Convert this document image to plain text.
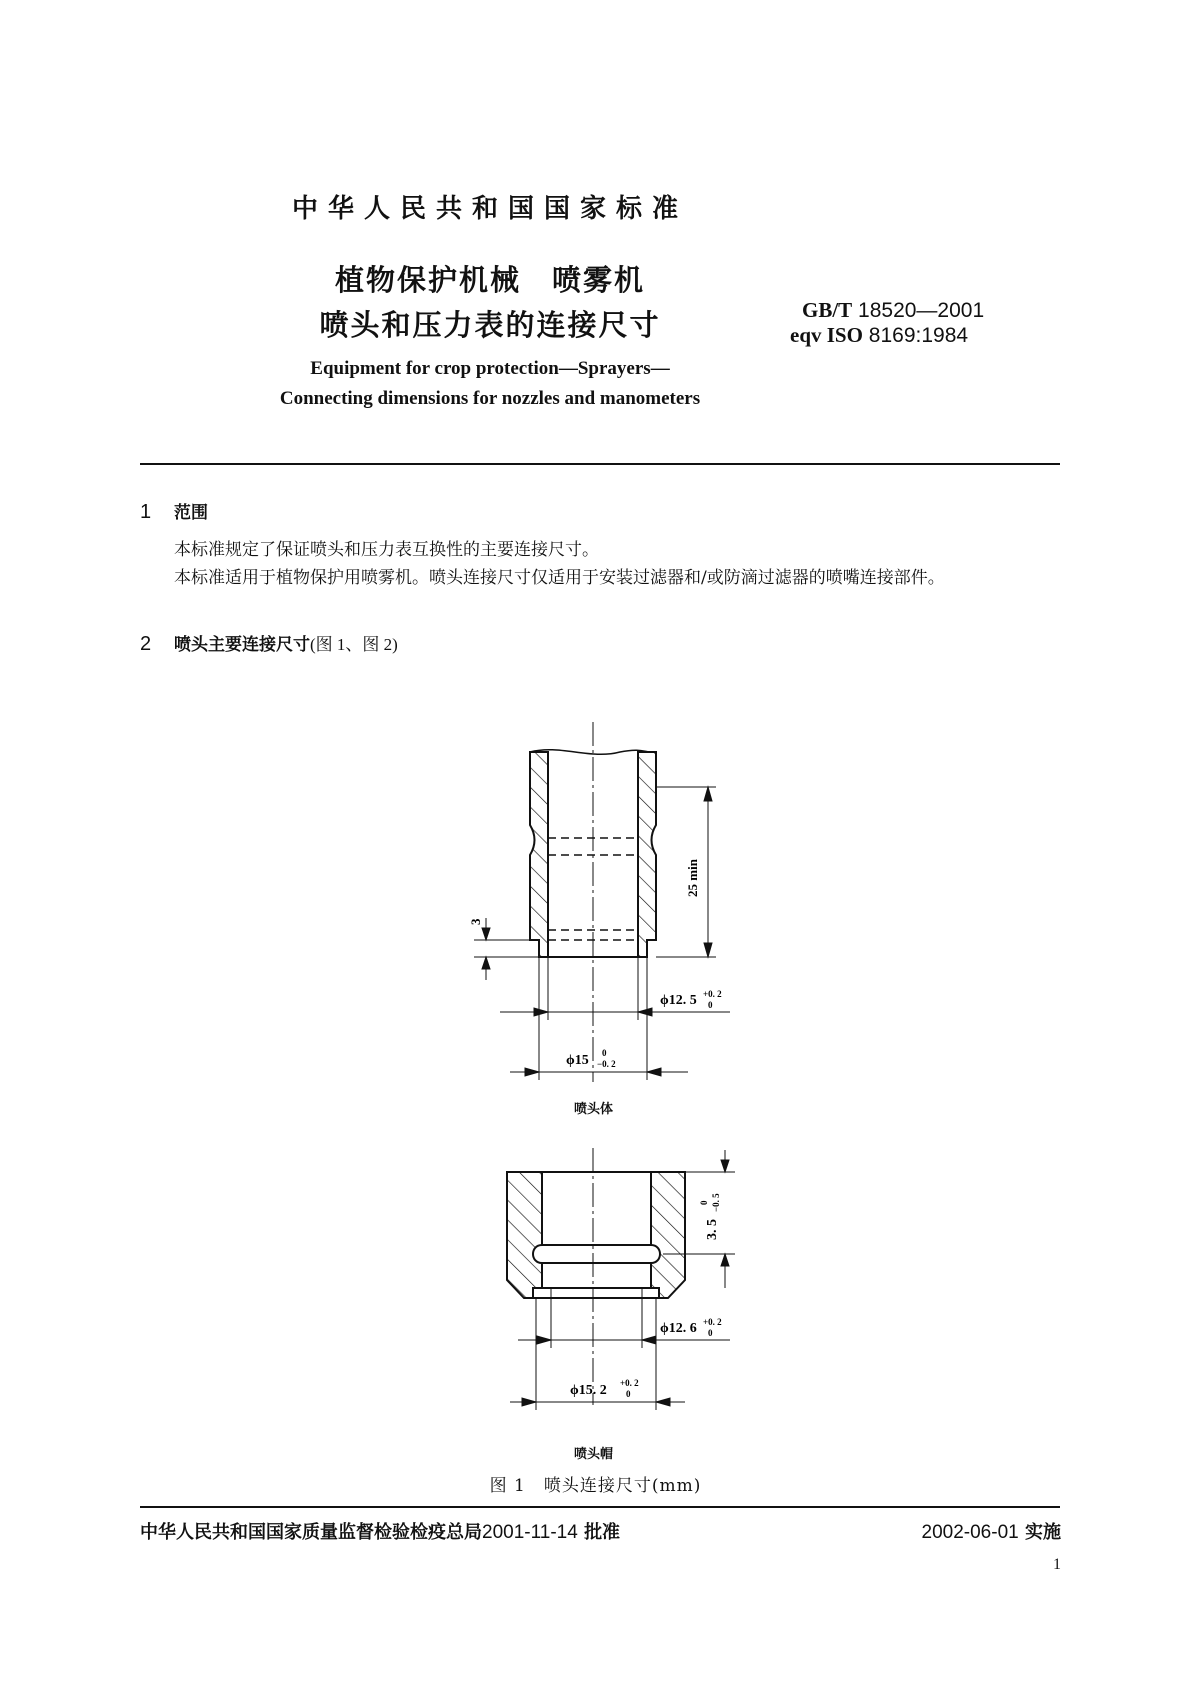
中华人民共和国国家标准
植物保护机械　喷雾机
喷头和压力表的连接尺寸	GB/T 18520—2001
eqv ISO 8169:1984
Equipment for crop protection—Sprayers—
Connecting dimensions for nozzles and manometers
1 范围
本标准规定了保证喷头和压力表互换性的主要连接尺寸。
本标准适用于植物保护用喷雾机。喷头连接尺寸仅适用于安装过滤器和/或防滴过滤器的喷嘴连接部件。
2 喷头主要连接尺寸(图 1、图 2)
25 min
3
ϕ12. 5 +0. 2
0
ϕ15 0
−0. 2
3. 5
0 −0. 5
ϕ12. 6 +0. 2
0
ϕ15. 2 +0. 2
0
喷头体
喷头帽
图 1　喷头连接尺寸(mm)
中华人民共和国国家质量监督检验检疫总局2001-11-14 批准	2002-06-01 实施
1
